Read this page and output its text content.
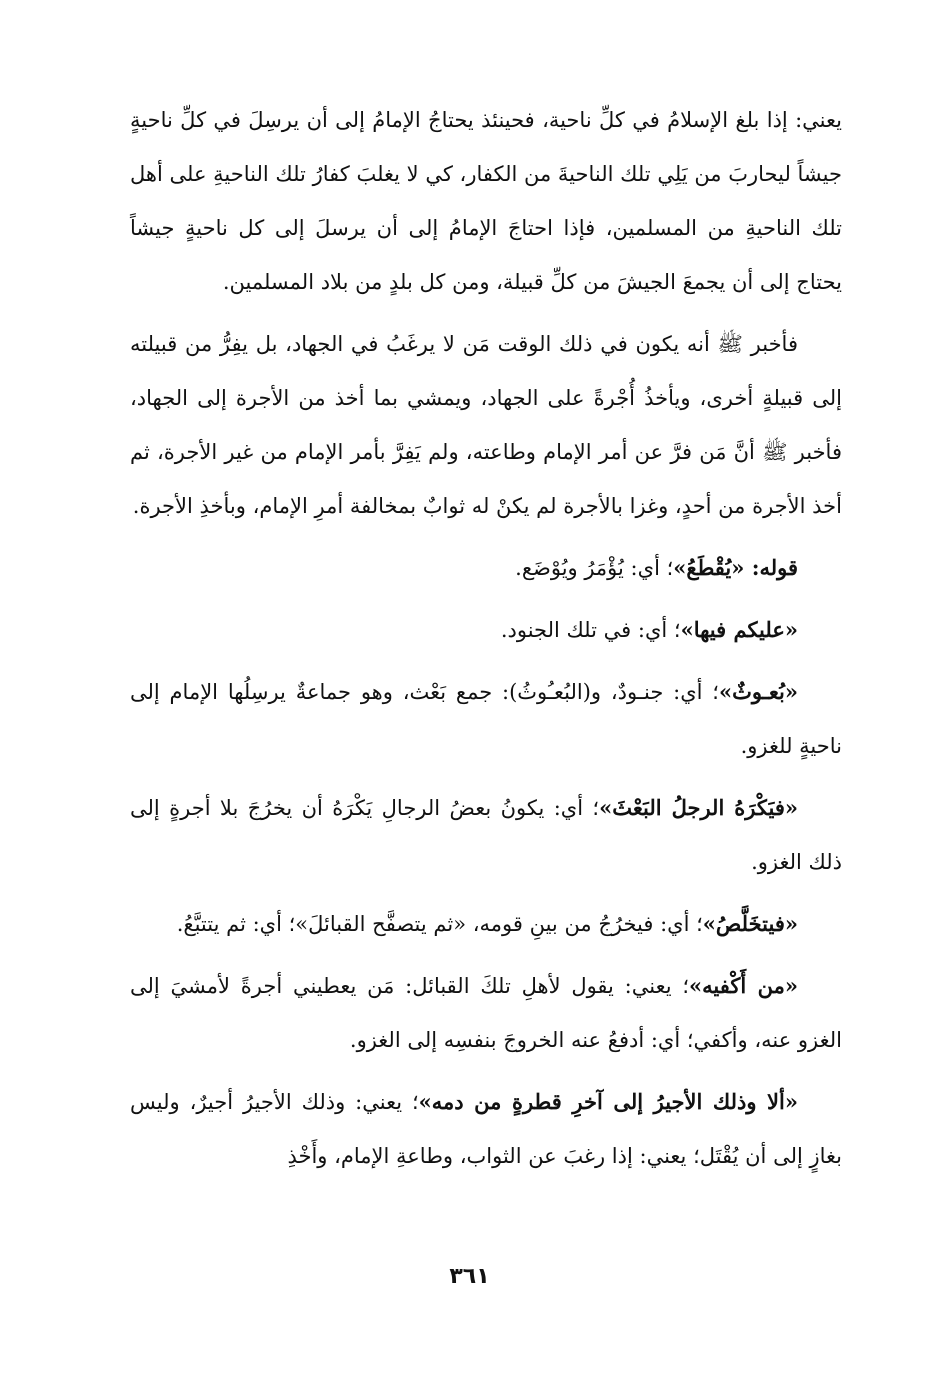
يعني: إذا بلغ الإسلامُ في كلِّ ناحية، فحينئذ يحتاجُ الإمامُ إلى أن يرسِلَ في كلِّ ناحيةٍ جيشاً ليحاربَ من يَلِي تلك الناحيةَ من الكفار، كي لا يغلبَ كفارُ تلك الناحيةِ على أهل تلك الناحيةِ من المسلمين، فإذا احتاجَ الإمامُ إلى أن يرسلَ إلى كل ناحيةٍ جيشاً يحتاج إلى أن يجمعَ الجيشَ من كلِّ قبيلة، ومن كل بلدٍ من بلاد المسلمين.

فأخبر ﷺ أنه يكون في ذلك الوقت مَن لا يرغَبُ في الجهاد، بل يفِرُّ من قبيلته إلى قبيلةٍ أخرى، ويأخذُ أُجْرةً على الجهاد، ويمشي بما أخذ من الأجرة إلى الجهاد، فأخبر ﷺ أنَّ مَن فرَّ عن أمر الإمام وطاعته، ولم يَفِرَّ بأمر الإمام من غير الأجرة، ثم أخذ الأجرة من أحدٍ، وغزا بالأجرة لم يكنْ له ثوابٌ بمخالفة أمرِ الإمام، وبأخذِ الأجرة.

قوله: «يُقْطَعُ»؛ أي: يُؤْمَرُ ويُوْضَع.

«عليكم فيها»؛ أي: في تلك الجنود.

«بُعـوثٌ»؛ أي: جنـودٌ، و(البُعـُوثُ): جمع بَعْث، وهو جماعةٌ يرسِلُها الإمام إلى ناحيةٍ للغزو.

«فيَكْرَهُ الرجلُ البَعْثَ»؛ أي: يكونُ بعضُ الرجالِ يَكْرَهُ أن يخرُجَ بلا أجرةٍ إلى ذلك الغزو.

«فيتخَلَّصُ»؛ أي: فيخرُجُ من بينِ قومه، «ثم يتصفَّح القبائلَ»؛ أي: ثم يتتبَّعُ.

«من أَكْفيه»؛ يعني: يقول لأهلِ تلكَ القبائل: مَن يعطيني أجرةً لأمشيَ إلى الغزو عنه، وأكفي؛ أي: أدفعُ عنه الخروجَ بنفسِه إلى الغزو.

«ألا وذلك الأجيرُ إلى آخرِ قطرةٍ من دمه»؛ يعني: وذلك الأجيرُ أجيرٌ، وليس بغازٍ إلى أن يُقْتَل؛ يعني: إذا رغبَ عن الثواب، وطاعةِ الإمام، وأَخْذِ

٣٦١
